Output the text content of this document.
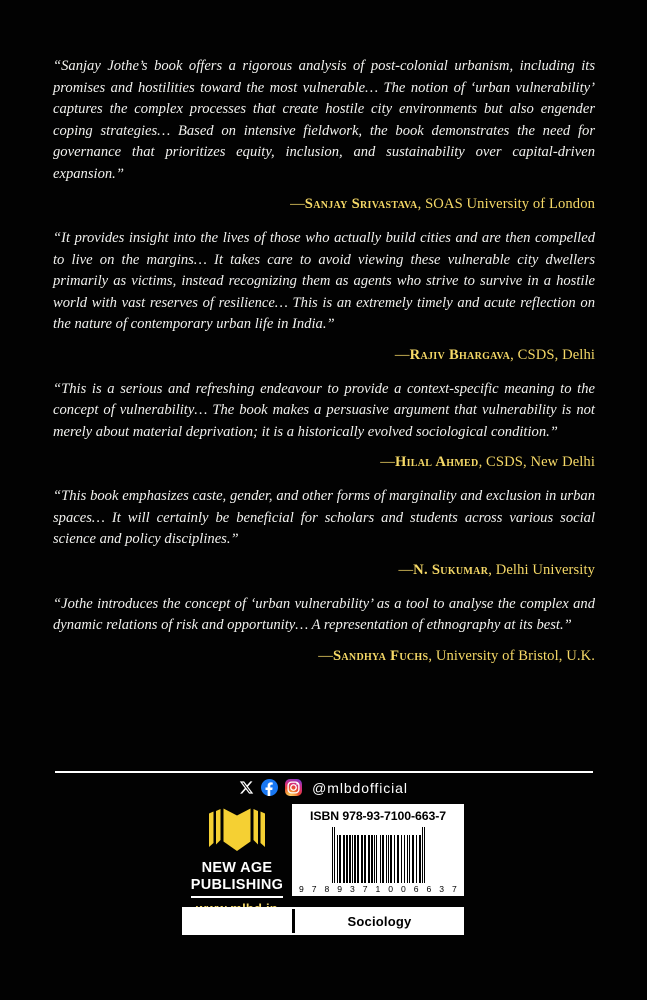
“Sanjay Jothe’s book offers a rigorous analysis of post-colonial urbanism, including its promises and hostilities toward the most vulnerable… The notion of ‘urban vulnerability’ captures the complex processes that create hostile city environments but also engender coping strategies… Based on intensive fieldwork, the book demonstrates the need for governance that prioritizes equity, inclusion, and sustainability over capital-driven expansion.”

—Sanjay Srivastava, SOAS University of London

“It provides insight into the lives of those who actually build cities and are then compelled to live on the margins… It takes care to avoid viewing these vulnerable city dwellers primarily as victims, instead recognizing them as agents who strive to survive in a hostile world with vast reserves of resilience… This is an extremely timely and acute reflection on the nature of contemporary urban life in India.”

—Rajiv Bhargava, CSDS, Delhi

“This is a serious and refreshing endeavour to provide a context-specific meaning to the concept of vulnerability… The book makes a persuasive argument that vulnerability is not merely about material deprivation; it is a historically evolved sociological condition.”

—Hilal Ahmed, CSDS, New Delhi

“This book emphasizes caste, gender, and other forms of marginality and exclusion in urban spaces… It will certainly be beneficial for scholars and students across various social science and policy disciplines.”

—N. Sukumar, Delhi University

“Jothe introduces the concept of ‘urban vulnerability’ as a tool to analyse the complex and dynamic relations of risk and opportunity… A representation of ethnography at its best.”

—Sandhya Fuchs, University of Bristol, U.K.

@mlbdofficial
NEW AGE
PUBLISHING
ISBN 978-93-7100-663-7
9 7 8 9 3 7 1 0 0 6 6 3 7
Sociology
